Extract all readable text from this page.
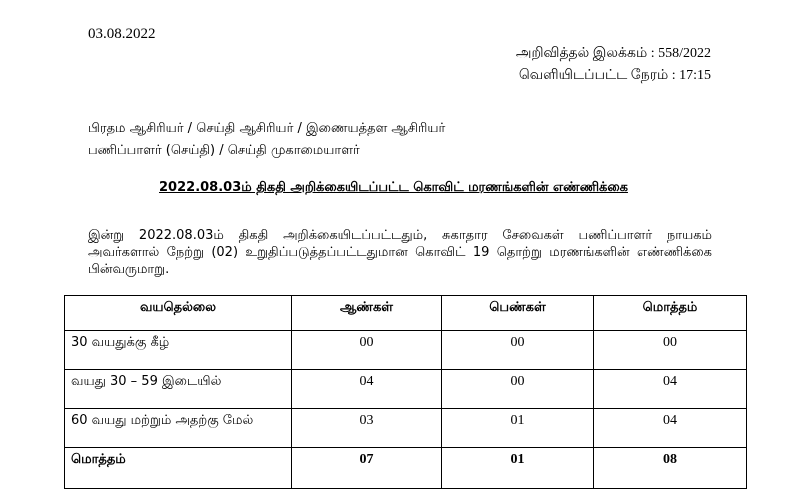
03.08.2022
அறிவித்தல் இலக்கம் : 558/2022
வெளியிடப்பட்ட நேரம் : 17:15
பிரதம ஆசிரியர் / செய்தி ஆசிரியர் / இணையத்தள ஆசிரியர்
பணிப்பாளர் (செய்தி) / செய்தி முகாமையாளர்
2022.08.03ம் திகதி அறிக்கையிடப்பட்ட கொவிட் மரணங்களின் எண்ணிக்கை
இன்று 2022.08.03ம் திகதி அறிக்கையிடப்பட்டதும், சுகாதார சேவைகள் பணிப்பாளர் நாயகம் அவர்களால் நேற்று (02) உறுதிப்படுத்தப்பட்டதுமான கொவிட் 19 தொற்று மரணங்களின் எண்ணிக்கை பின்வருமாறு.
வயதெல்லை	ஆண்கள்	பெண்கள்	மொத்தம்
30 வயதுக்கு கீழ்	00	00	00
வயது 30 – 59 இடையில்	04	00	04
60 வயது மற்றும் அதற்கு மேல்	03	01	04
மொத்தம்	07	01	08
